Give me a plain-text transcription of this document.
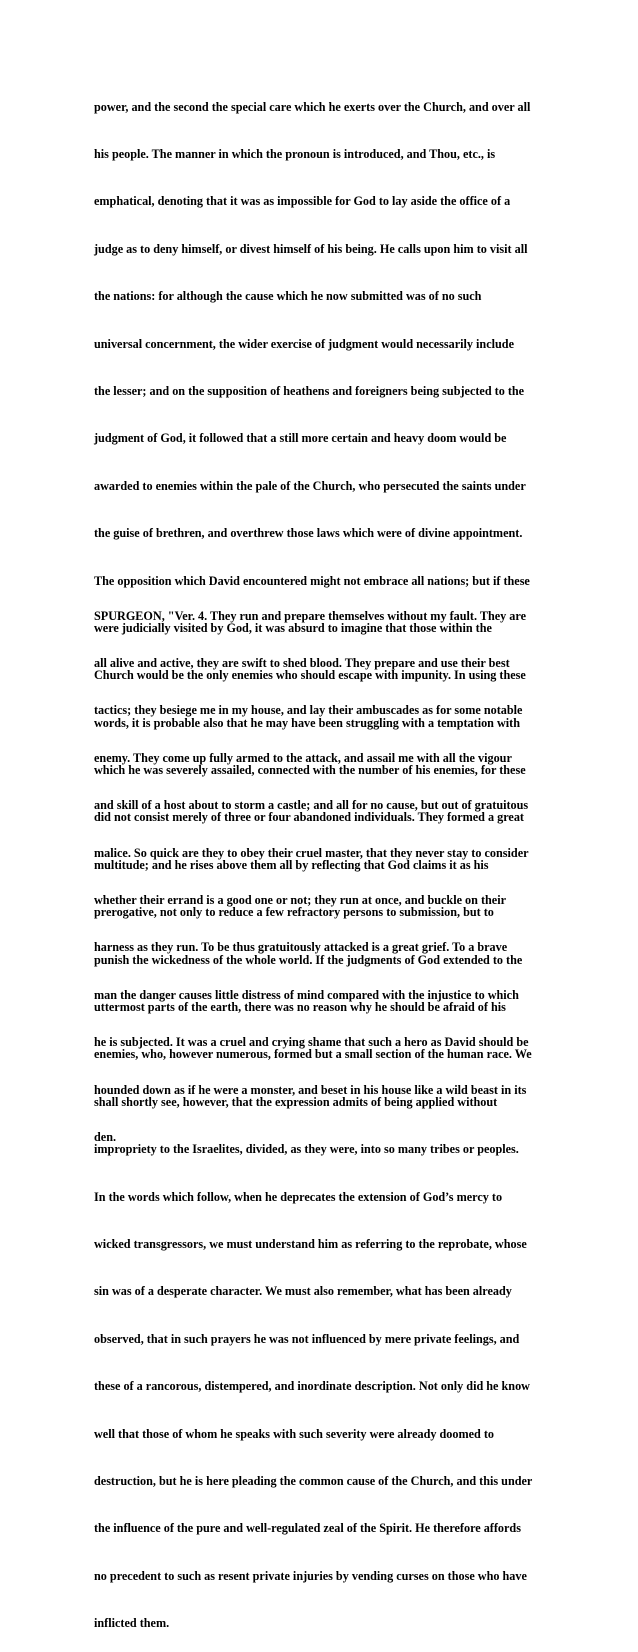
power, and the second the special care which he exerts over the Church, and over all

his people. The manner in which the pronoun is introduced, and Thou, etc., is

emphatical, denoting that it was as impossible for God to lay aside the office of a

judge as to deny himself, or divest himself of his being. He calls upon him to visit all

the nations: for although the cause which he now submitted was of no such

universal concernment, the wider exercise of judgment would necessarily include

the lesser; and on the supposition of heathens and foreigners being subjected to the

judgment of God, it followed that a still more certain and heavy doom would be

awarded to enemies within the pale of the Church, who persecuted the saints under

the guise of brethren, and overthrew those laws which were of divine appointment.

The opposition which David encountered might not embrace all nations; but if these

were judicially visited by God, it was absurd to imagine that those within the

Church would be the only enemies who should escape with impunity. In using these

words, it is probable also that he may have been struggling with a temptation with

which he was severely assailed, connected with the number of his enemies, for these

did not consist merely of three or four abandoned individuals. They formed a great

multitude; and he rises above them all by reflecting that God claims it as his

prerogative, not only to reduce a few refractory persons to submission, but to

punish the wickedness of the whole world. If the judgments of God extended to the

uttermost parts of the earth, there was no reason why he should be afraid of his

enemies, who, however numerous, formed but a small section of the human race. We

shall shortly see, however, that the expression admits of being applied without

impropriety to the Israelites, divided, as they were, into so many tribes or peoples.

In the words which follow, when he deprecates the extension of God’s mercy to

wicked transgressors, we must understand him as referring to the reprobate, whose

sin was of a desperate character. We must also remember, what has been already

observed, that in such prayers he was not influenced by mere private feelings, and

these of a rancorous, distempered, and inordinate description. Not only did he know

well that those of whom he speaks with such severity were already doomed to

destruction, but he is here pleading the common cause of the Church, and this under

the influence of the pure and well-regulated zeal of the Spirit. He therefore affords

no precedent to such as resent private injuries by vending curses on those who have

inflicted them.

SPURGEON, "Ver. 4. They run and prepare themselves without my fault. They are

all alive and active, they are swift to shed blood. They prepare and use their best

tactics; they besiege me in my house, and lay their ambuscades as for some notable

enemy. They come up fully armed to the attack, and assail me with all the vigour

and skill of a host about to storm a castle; and all for no cause, but out of gratuitous

malice. So quick are they to obey their cruel master, that they never stay to consider

whether their errand is a good one or not; they run at once, and buckle on their

harness as they run. To be thus gratuitously attacked is a great grief. To a brave

man the danger causes little distress of mind compared with the injustice to which

he is subjected. It was a cruel and crying shame that such a hero as David should be

hounded down as if he were a monster, and beset in his house like a wild beast in its

den.
